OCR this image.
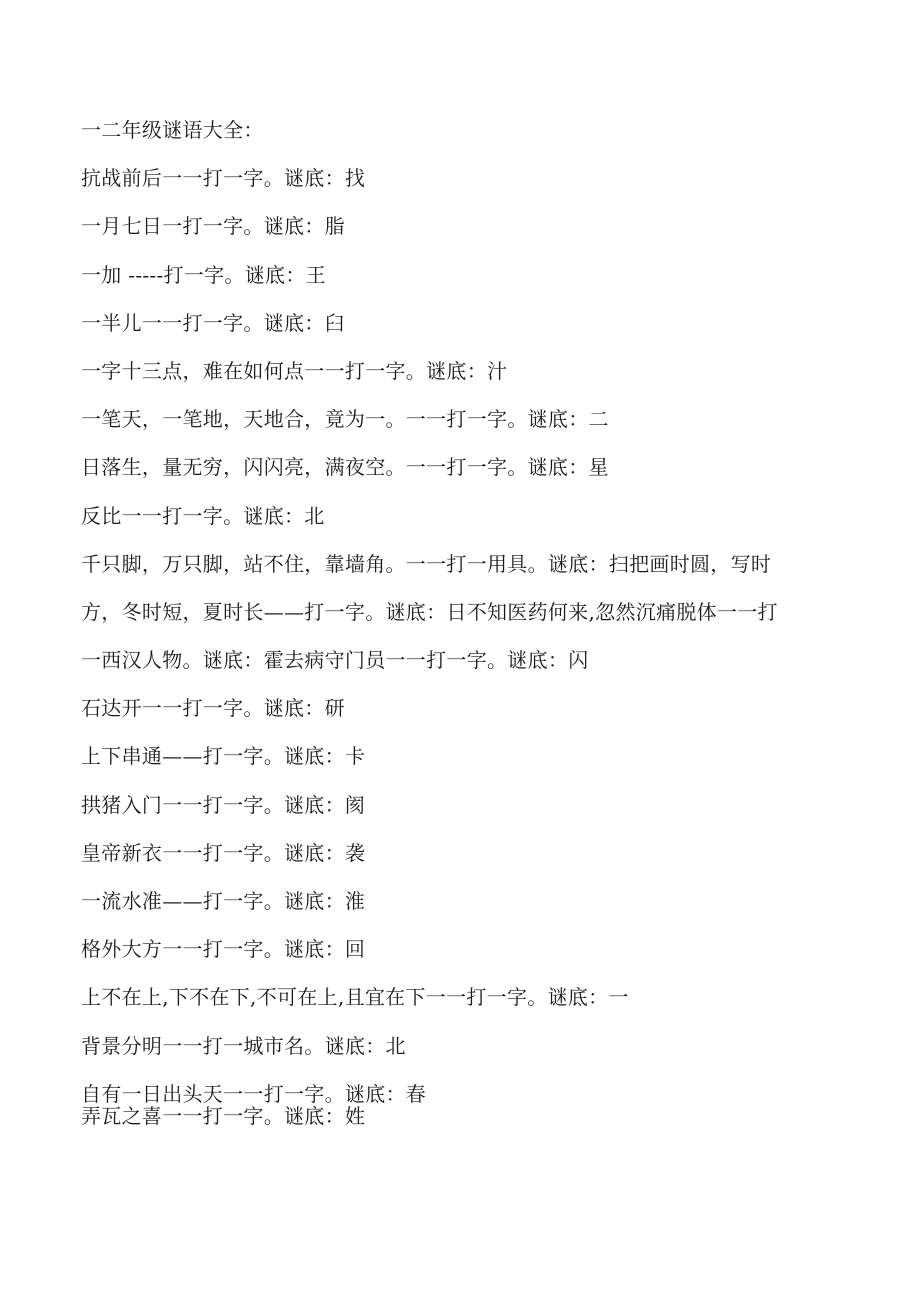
一二年级谜语大全：
抗战前后一一打一字。谜底：找
一月七日一打一字。谜底：脂
一加 -----打一字。谜底：王
一半儿一一打一字。谜底：臼
一字十三点，难在如何点一一打一字。谜底：汁
一笔天，一笔地，天地合，竟为一。一一打一字。谜底：二
日落生，量无穷，闪闪亮，满夜空。一一打一字。谜底：星
反比一一打一字。谜底：北
千只脚，万只脚，站不住，靠墙角。一一打一用具。谜底：扫把画时圆，写时
方，冬时短，夏时长——打一字。谜底：日不知医药何来,忽然沉痛脱体一一打
一西汉人物。谜底：霍去病守门员一一打一字。谜底：闪
石达开一一打一字。谜底：研
上下串通——打一字。谜底：卡
拱猪入门一一打一字。谜底：阂
皇帝新衣一一打一字。谜底：袭
一流水准——打一字。谜底：淮
格外大方一一打一字。谜底：回
上不在上,下不在下,不可在上,且宜在下一一打一字。谜底：一
背景分明一一打一城市名。谜底：北
自有一日出头天一一打一字。谜底：春
弄瓦之喜一一打一字。谜底：姓
